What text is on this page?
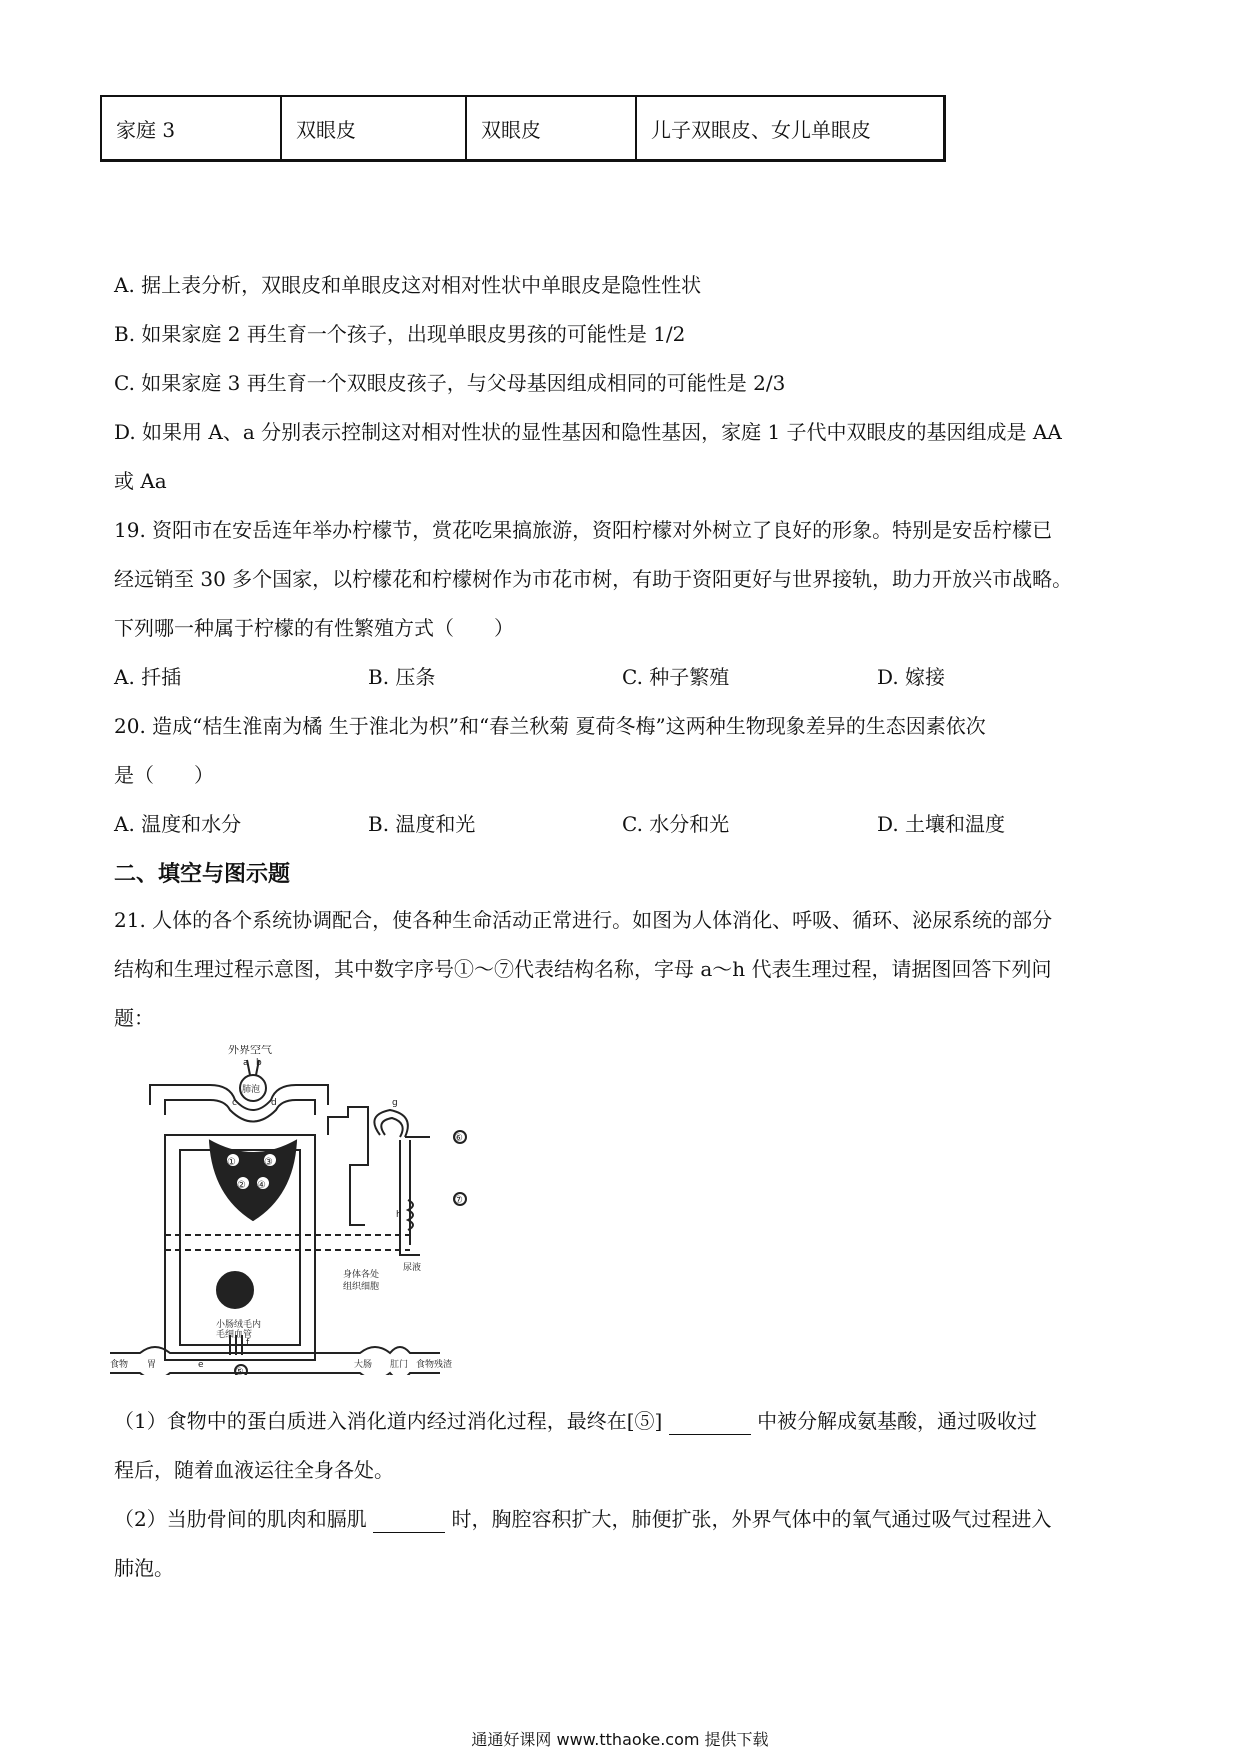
家庭 3	双眼皮	双眼皮	儿子双眼皮、女儿单眼皮
A. 据上表分析，双眼皮和单眼皮这对相对性状中单眼皮是隐性性状
B. 如果家庭 2 再生育一个孩子，出现单眼皮男孩的可能性是 1/2
C. 如果家庭 3 再生育一个双眼皮孩子，与父母基因组成相同的可能性是 2/3
D. 如果用 A、a 分别表示控制这对相对性状的显性基因和隐性基因，家庭 1 子代中双眼皮的基因组成是 AA
或 Aa
19. 资阳市在安岳连年举办柠檬节，赏花吃果搞旅游，资阳柠檬对外树立了良好的形象。特别是安岳柠檬已
经远销至 30 多个国家，以柠檬花和柠檬树作为市花市树，有助于资阳更好与世界接轨，助力开放兴市战略。
下列哪一种属于柠檬的有性繁殖方式（　　）
A. 扦插	B. 压条	C. 种子繁殖	D. 嫁接
20. 造成“桔生淮南为橘 生于淮北为枳”和“春兰秋菊 夏荷冬梅”这两种生物现象差异的生态因素依次
是（　　）
A. 温度和水分	B. 温度和光	C. 水分和光	D. 土壤和温度
二、填空与图示题
21. 人体的各个系统协调配合，使各种生命活动正常进行。如图为人体消化、呼吸、循环、泌尿系统的部分
结构和生理过程示意图，其中数字序号①～⑦代表结构名称，字母 a～h 代表生理过程，请据图回答下列问
题：
外界空气
肺泡
身体各处
组织细胞
小肠绒毛内
毛细血管
食物 胃	大肠 肛门 食物残渣
尿液
a b
c	d
e
f
g
h
①
②
③
④
⑤
⑥
⑦
（1）食物中的蛋白质进入消化道内经过消化过程，最终在[⑤]	中被分解成氨基酸，通过吸收过
程后，随着血液运往全身各处。
（2）当肋骨间的肌肉和膈肌	时，胸腔容积扩大，肺便扩张，外界气体中的氧气通过吸气过程进入
肺泡。
通通好课网 www.tthaoke.com 提供下载
